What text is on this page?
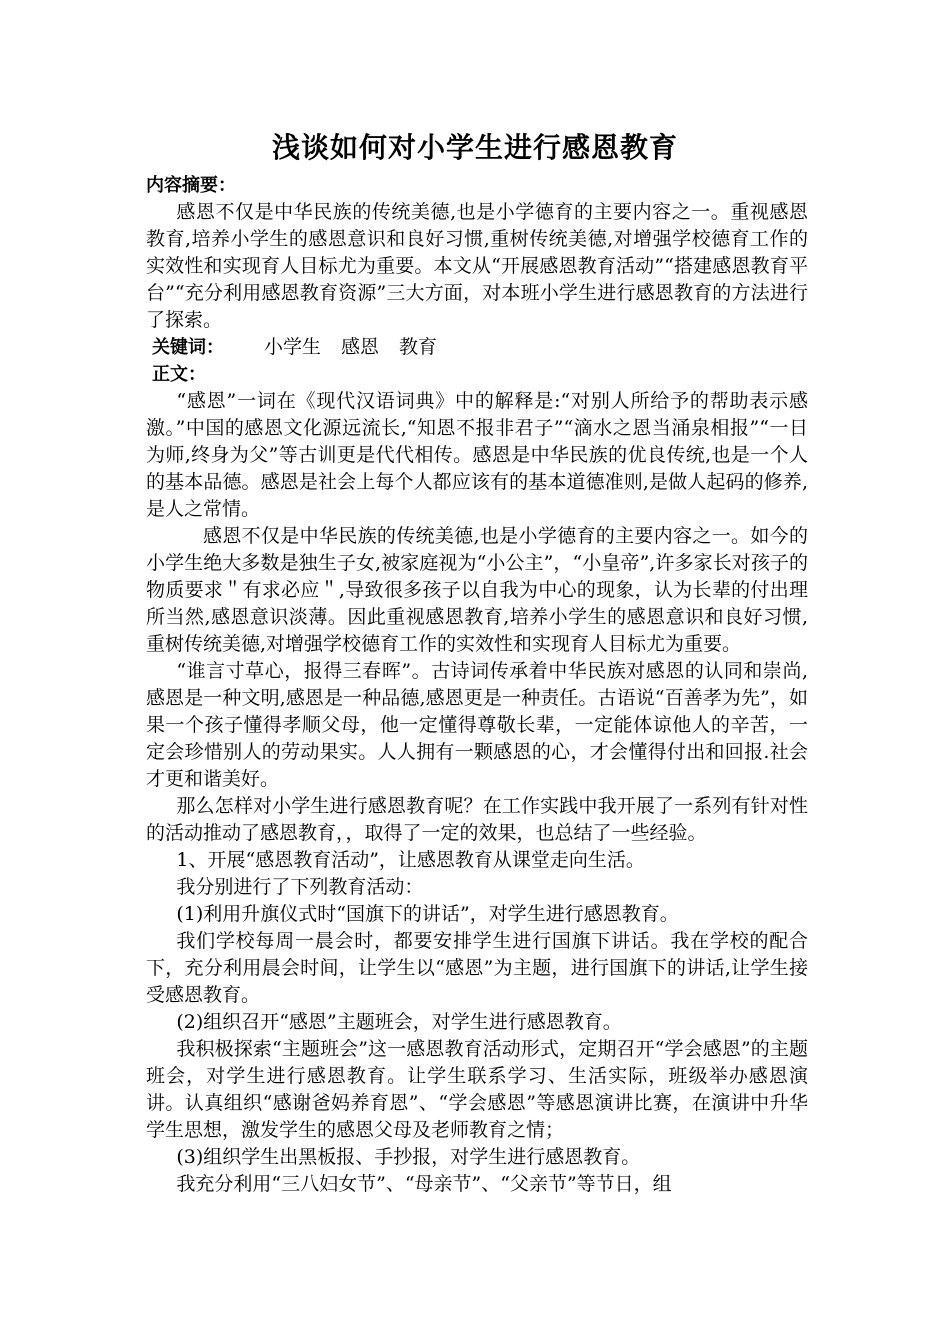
浅谈如何对小学生进行感恩教育
内容摘要：

感恩不仅是中华民族的传统美德,也是小学德育的主要内容之一。重视感恩教育,培养小学生的感恩意识和良好习惯,重树传统美德,对增强学校德育工作的实效性和实现育人目标尤为重要。本文从“开展感恩教育活动”“搭建感恩教育平台”“充分利用感恩教育资源”三大方面，对本班小学生进行感恩教育的方法进行了探索。

关键词：	小学生 感恩 教育
正文：

“感恩”一词在《现代汉语词典》中的解释是:“对别人所给予的帮助表示感激。”中国的感恩文化源远流长,“知恩不报非君子”“滴水之恩当涌泉相报”“一日为师,终身为父”等古训更是代代相传。感恩是中华民族的优良传统,也是一个人的基本品德。感恩是社会上每个人都应该有的基本道德准则,是做人起码的修养,是人之常情。

感恩不仅是中华民族的传统美德,也是小学德育的主要内容之一。如今的小学生绝大多数是独生子女,被家庭视为“小公主”，“小皇帝”,许多家长对孩子的物质要求＂有求必应＂,导致很多孩子以自我为中心的现象，认为长辈的付出理所当然,感恩意识淡薄。因此重视感恩教育,培养小学生的感恩意识和良好习惯,重树传统美德,对增强学校德育工作的实效性和实现育人目标尤为重要。

“谁言寸草心，报得三春晖”。古诗词传承着中华民族对感恩的认同和崇尚,感恩是一种文明,感恩是一种品德,感恩更是一种责任。古语说“百善孝为先”，如果一个孩子懂得孝顺父母，他一定懂得尊敬长辈，一定能体谅他人的辛苦，一定会珍惜别人的劳动果实。人人拥有一颗感恩的心，才会懂得付出和回报.社会才更和谐美好。

那么怎样对小学生进行感恩教育呢？在工作实践中我开展了一系列有针对性的活动推动了感恩教育，，取得了一定的效果，也总结了一些经验。

1、开展“感恩教育活动”，让感恩教育从课堂走向生活。

我分别进行了下列教育活动：

(1)利用升旗仪式时“国旗下的讲话”，对学生进行感恩教育。

我们学校每周一晨会时，都要安排学生进行国旗下讲话。我在学校的配合下，充分利用晨会时间，让学生以“感恩”为主题，进行国旗下的讲话,让学生接受感恩教育。

(2)组织召开“感恩”主题班会，对学生进行感恩教育。

我积极探索“主题班会”这一感恩教育活动形式，定期召开“学会感恩”的主题班会，对学生进行感恩教育。让学生联系学习、生活实际，班级举办感恩演讲。认真组织“感谢爸妈养育恩”、“学会感恩”等感恩演讲比赛，在演讲中升华学生思想，激发学生的感恩父母及老师教育之情；

(3)组织学生出黑板报、手抄报，对学生进行感恩教育。

我充分利用“三八妇女节”、“母亲节”、“父亲节”等节日，组
